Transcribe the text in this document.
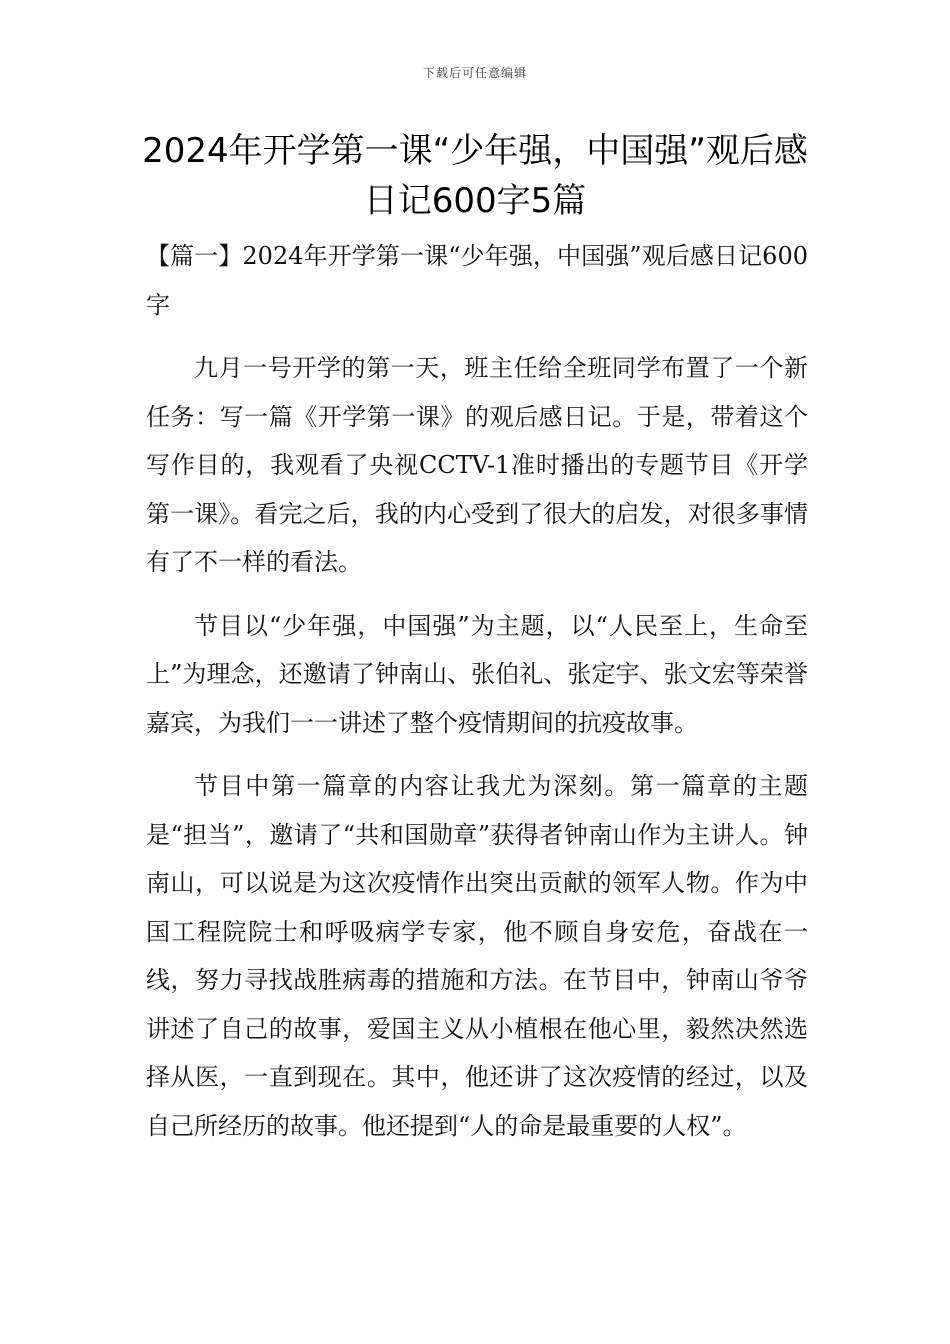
下载后可任意编辑
2024年开学第一课“少年强，中国强”观后感日记600字5篇

【篇一】2024年开学第一课“少年强，中国强”观后感日记600字

九月一号开学的第一天，班主任给全班同学布置了一个新任务：写一篇《开学第一课》的观后感日记。于是，带着这个写作目的，我观看了央视CCTV-1准时播出的专题节目《开学第一课》。看完之后，我的内心受到了很大的启发，对很多事情有了不一样的看法。

节目以“少年强，中国强”为主题，以“人民至上，生命至上”为理念，还邀请了钟南山、张伯礼、张定宇、张文宏等荣誉嘉宾，为我们一一讲述了整个疫情期间的抗疫故事。

节目中第一篇章的内容让我尤为深刻。第一篇章的主题是“担当”，邀请了“共和国勋章”获得者钟南山作为主讲人。钟南山，可以说是为这次疫情作出突出贡献的领军人物。作为中国工程院院士和呼吸病学专家，他不顾自身安危，奋战在一线，努力寻找战胜病毒的措施和方法。在节目中，钟南山爷爷讲述了自己的故事，爱国主义从小植根在他心里，毅然决然选择从医，一直到现在。其中，他还讲了这次疫情的经过，以及自己所经历的故事。他还提到“人的命是最重要的人权”。
